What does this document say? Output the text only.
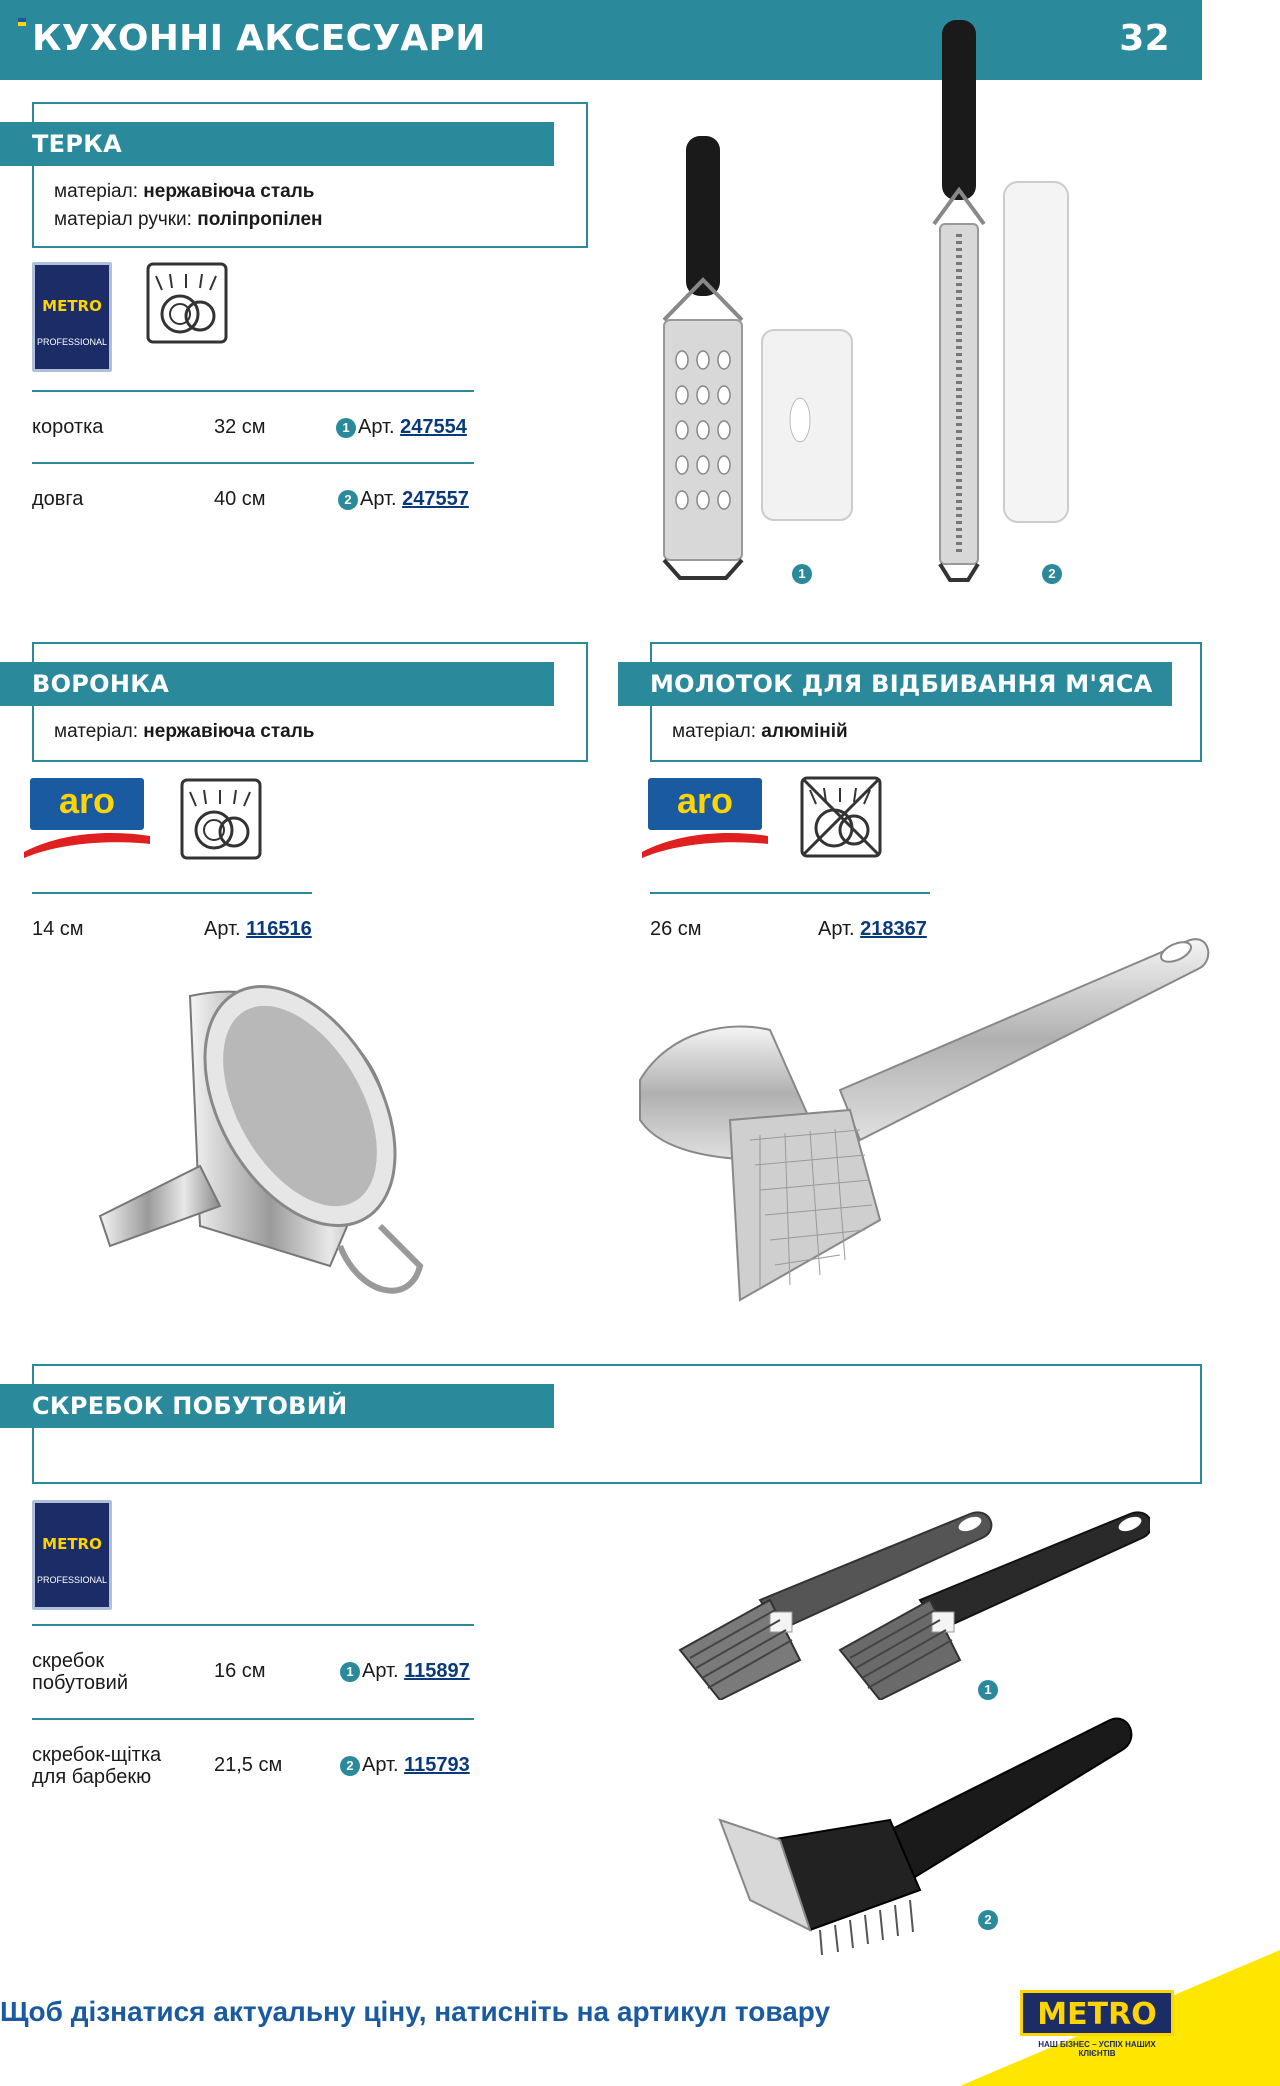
КУХОННІ АКСЕСУАРИ	32
ТЕРКА
матеріал: нержавіюча сталь
матеріал ручки: поліпропілен
METRO
PROFESSIONAL
коротка	32 см	1 Арт. 247554
довга	40 см	2 Арт. 247557
1	2
ВОРОНКА
матеріал: нержавіюча сталь
aro
14 см	Арт. 116516
МОЛОТОК ДЛЯ ВІДБИВАННЯ М'ЯСА
матеріал: алюміній
aro
26 см	Арт. 218367
СКРЕБОК ПОБУТОВИЙ
METRO
PROFESSIONAL
скребок
побутовий
16 см	1 Арт. 115897
скребок-щітка
для барбекю
21,5 см	2 Арт. 115793
1
2
Щоб дізнатися актуальну ціну, натисніть на артикул товару	METRO
НАШ БІЗНЕС – УСПІХ НАШИХ КЛІЄНТІВ
